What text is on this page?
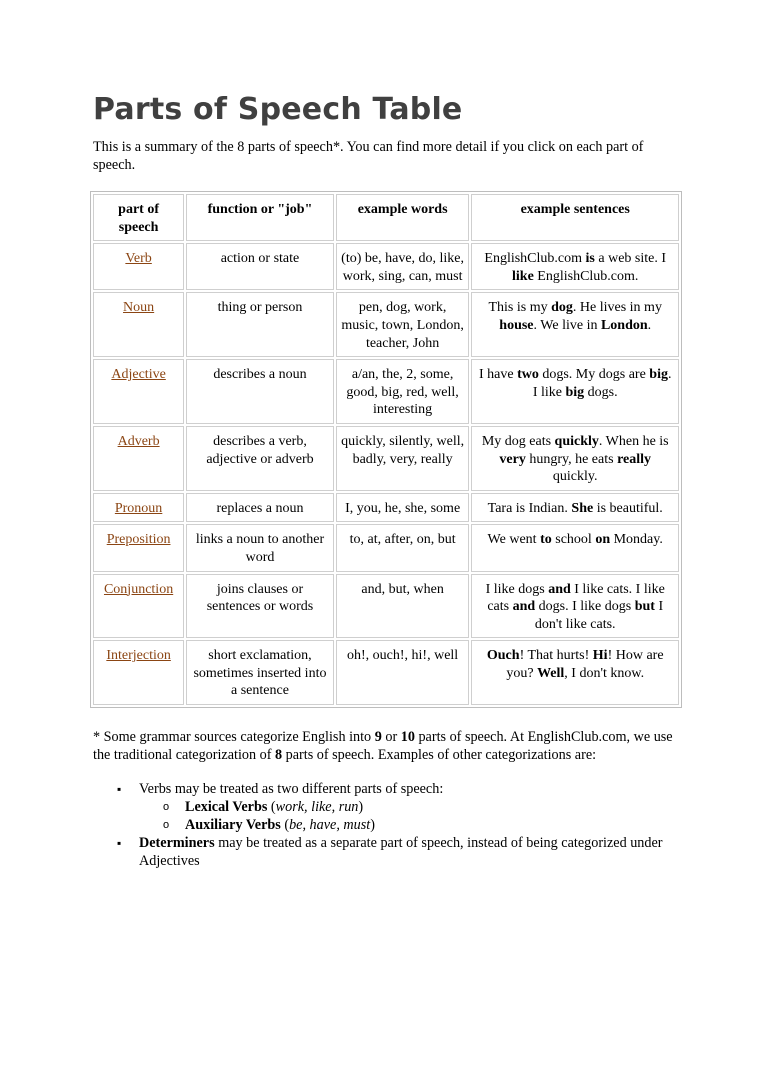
Parts of Speech Table

This is a summary of the 8 parts of speech*. You can find more detail if you click on each part of speech.

part of speech	function or "job"	example words	example sentences
Verb	action or state	(to) be, have, do, like, work, sing, can, must	EnglishClub.com is a web site. I like EnglishClub.com.
Noun	thing or person	pen, dog, work, music, town, London, teacher, John	This is my dog. He lives in my house. We live in London.
Adjective	describes a noun	a/an, the, 2, some, good, big, red, well, interesting	I have two dogs. My dogs are big. I like big dogs.
Adverb	describes a verb, adjective or adverb	quickly, silently, well, badly, very, really	My dog eats quickly. When he is very hungry, he eats really quickly.
Pronoun	replaces a noun	I, you, he, she, some	Tara is Indian. She is beautiful.
Preposition	links a noun to another word	to, at, after, on, but	We went to school on Monday.
Conjunction	joins clauses or sentences or words	and, but, when	I like dogs and I like cats. I like cats and dogs. I like dogs but I don't like cats.
Interjection	short exclamation, sometimes inserted into a sentence	oh!, ouch!, hi!, well	Ouch! That hurts! Hi! How are you? Well, I don't know.

* Some grammar sources categorize English into 9 or 10 parts of speech. At EnglishClub.com, we use the traditional categorization of 8 parts of speech. Examples of other categorizations are:

▪ Verbs may be treated as two different parts of speech:
o Lexical Verbs (work, like, run)
o Auxiliary Verbs (be, have, must)
▪ Determiners may be treated as a separate part of speech, instead of being categorized under Adjectives
